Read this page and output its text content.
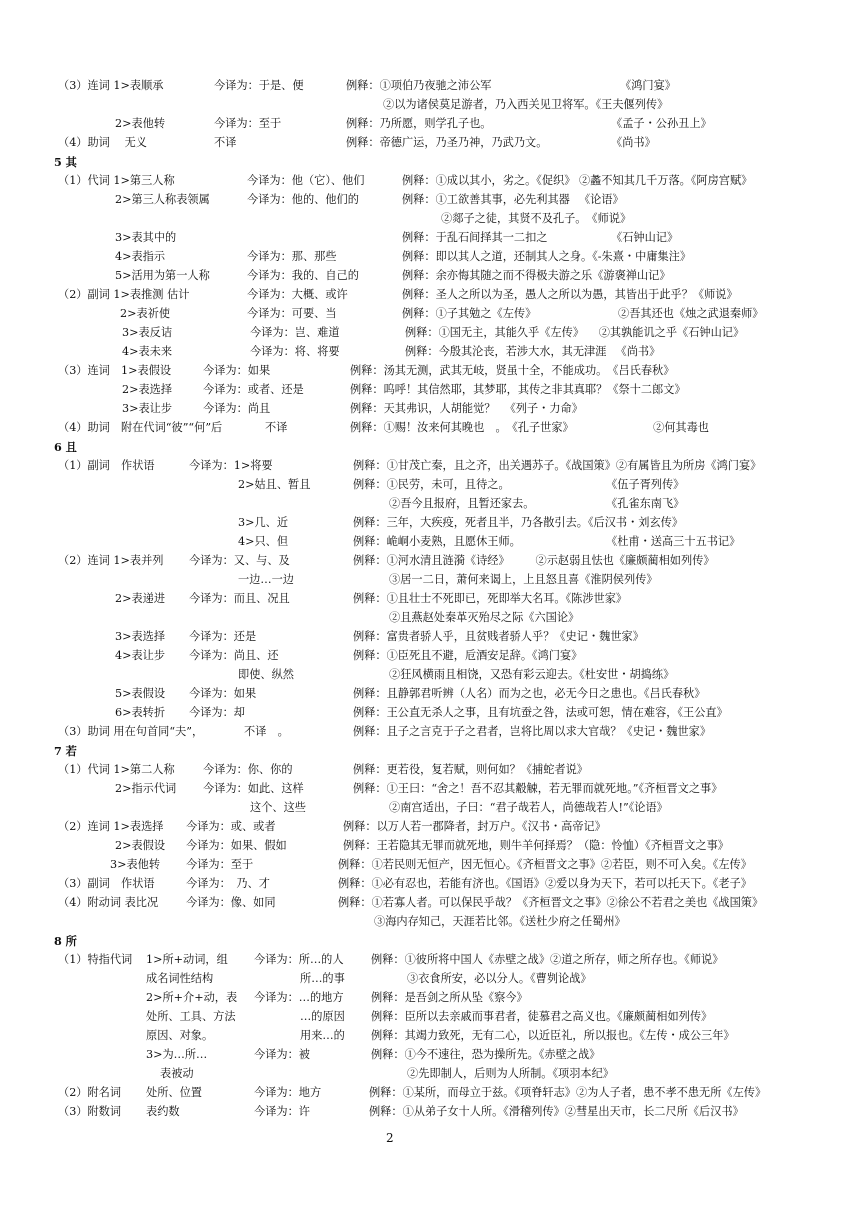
（3）连词 1>表顺承	今译为：于是、便	例释：①项伯乃夜驰之沛公军	《鸿门宴》
②以为诸侯莫足游者，乃入西关见卫将军。《王夫偃列传》
2>表他转	今译为：至于	例释：乃所愿，则学孔子也。	《孟子・公孙丑上》
（4）助词　 无义	不译	例释：帝德广运，乃圣乃神，乃武乃文。	《尚书》
5 其
（1）代词 1>第三人称	今译为：他（它）、他们	例释：①成以其小，劣之。《促织》 ②蠡不知其几千万落。《阿房宫赋》
2>第三人称表领属	今译为：他的、他们的	例释：①工欲善其事，必先利其器 　《论语》
②郯子之徒，其贤不及孔子。　《师说》
3>表其中的	例释：于乱石间择其一二扣之	《石钟山记》
4>表指示	今译为：那、那些	例释：即以其人之道，还制其人之身。《-朱熹・中庸集注》
5>活用为第一人称	今译为：我的、自己的	例释：余亦悔其随之而不得极夫游之乐《游褒禅山记》
（2）副词 1>表推测 估计	今译为：大概、或许	例释：圣人之所以为圣，愚人之所以为愚，其皆出于此乎？《师说》
2>表祈使	今译为：可要、当	例释：①子其勉之《左传》	②吾其还也《烛之武退秦师》
3>表反诘	今译为：岂、难道	例释：①国无主，其能久乎《左传》 　②其孰能讥之乎《石钟山记》
4>表未来	今译为：将、将要	例释：今殷其沦丧，若涉大水，其无津涯 　《尚书》
（3）连词　1>表假设	今译为：如果	例释：汤其无测，武其无岐，贤虽十全，不能成功。　《吕氏春秋》
2>表选择	今译为：或者、还是	例释：呜呼！其信然耶，其梦耶，其传之非其真耶？《祭十二郎文》
3>表让步	今译为：尚且	例释：天其弗识，人胡能觉？ 　《列子・力命》
（4）助词　附在代词“彼”“何”后	不译	例释：①赐！汝来何其晚也　。　《孔子世家》	②何其毒也
6 且
（1）副词　作状语	今译为：1>将要	例释：①甘茂亡秦，且之齐，出关遇苏子。《战国策》②有属皆且为所房《鸿门宴》
2>姑且、暂且	例释：①民劳，未可，且待之。	《伍子胥列传》
②吾今且报府，且暂还家去。	《孔雀东南飞》
3>几、近	例释：三年，大疾疫，死者且半，乃各散引去。《后汉书・刘玄传》
4>只、但	例释：峗峒小麦熟，且愿休王师。	《杜甫・送高三十五书记》
（2）连词 1>表并列 今译为：又、与、及	例释：①河水清且涟漪《诗经》 　　②示赵弱且怯也《廉颇蔺相如列传》
一边…一边	③居一二日，萧何来谒上，上且怒且喜《淮阴侯列传》
2>表递进 今译为：而且、况且	例释：①且壮士不死即已，死即举大名耳。《陈涉世家》
②且燕赵处秦革灭殆尽之际《六国论》
3>表选择 今译为：还是	例释：富贵者骄人乎，且贫贱者骄人乎？《史记・魏世家》
4>表让步 今译为：尚且、还	例释：①臣死且不避，卮酒安足辞。《鸿门宴》
即使、纵然	②狂风横雨且相饶，又恐有彩云迎去。《杜安世・胡捣练》
5>表假设 今译为：如果	例释：且静郭君听辨（人名）而为之也，必无今日之患也。《吕氏春秋》
6>表转折 今译为：却	例释：王公直无杀人之事，且有坑蚕之咎，法或可恕，情在难容，《王公直》
（3）助词 用在句首同“夫”，	不译　。	例释：且子之言克于子之君者，岂将比周以求大官哉？《史记・魏世家》
7 若
（1）代词 1>第二人称	今译为：你、你的	例释：更若役，复若赋，则何如？《捕蛇者说》
2>指示代词 今译为：如此、这样	例释：①王曰：“舍之！吾不忍其觳觫，若无罪而就死地。”《齐桓晋文之事》
这个、这些	②南宫适出，子曰：“君子哉若人，尚德哉若人!”《论语》
（2）连词 1>表选择 今译为：或、或者	例释：以万人若一郡降者，封万户。《汉书・高帝记》
2>表假设 今译为：如果、假如	例释：王若隐其无罪而就死地，则牛羊何择焉？（隐：怜恤）《齐桓晋文之事》
3>表他转 今译为：至于	例释：①若民则无恒产，因无恒心。《齐桓晋文之事》②若臣，则不可入矣。《左传》
（3）副词　作状语	今译为：　乃、才	例释：①必有忍也，若能有济也。《国语》②爱以身为天下，若可以托天下。《老子》
（4）附动词 表比况 今译为：像、如同	例释：①若寡人者。可以保民乎哉？《齐桓晋文之事》②徐公不若君之美也《战国策》
③海内存知己，天涯若比邻。《送杜少府之任蜀州》
8 所
（1）特指代词 1>所+动词，组 今译为：所…的人 例释：①彼所将中国人《赤壁之战》②道之所存，师之所存也。《师说》
成名词性结构	所…的事	③衣食所安，必以分人。《曹刿论战》
2>所+介+动，表 今译为：…的地方 例释：是吾剑之所从坠《察今》
处所、工具、方法	…的原因 例释：臣所以去亲戚而事君者，徒慕君之高义也。《廉颇蔺相如列传》
原因、对象。	用来…的 例释：其竭力致死，无有二心，以近臣礼，所以报也。《左传・成公三年》
3>为…所…	今译为：被	例释：①今不速往，恐为操所先。《赤壁之战》
表被动	②先即制人，后则为人所制。《项羽本纪》
（2）附名词 处所、位置	今译为：地方	例释：①某所，而母立于兹。《项脊轩志》②为人子者，患不孝不患无所《左传》
（3）附数词 表约数	今译为：许	例释：①从弟子女十人所。《滑稽列传》②彗星出天市，长二尺所《后汉书》
2
